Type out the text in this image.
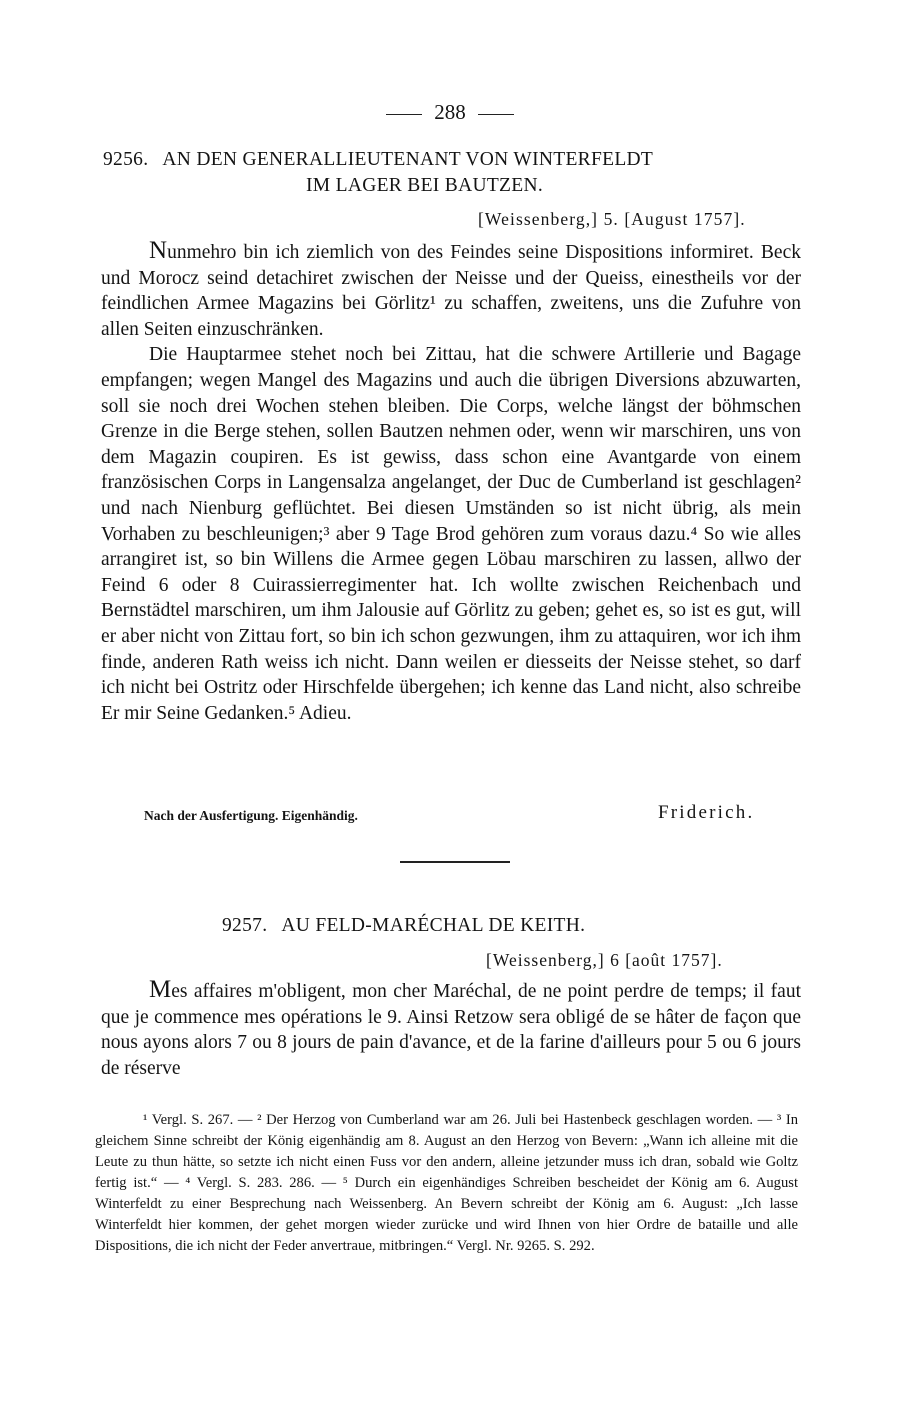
288
9256. AN DEN GENERALLIEUTENANT VON WINTERFELDT
IM LAGER BEI BAUTZEN.
[Weissenberg,] 5. [August 1757].

Nunmehro bin ich ziemlich von des Feindes seine Dispositions informiret. Beck und Morocz seind detachiret zwischen der Neisse und der Queiss, einestheils vor der feindlichen Armee Magazins bei Görlitz¹ zu schaffen, zweitens, uns die Zufuhre von allen Seiten einzuschränken.

Die Hauptarmee stehet noch bei Zittau, hat die schwere Artillerie und Bagage empfangen; wegen Mangel des Magazins und auch die übrigen Diversions abzuwarten, soll sie noch drei Wochen stehen bleiben. Die Corps, welche längst der böhmschen Grenze in die Berge stehen, sollen Bautzen nehmen oder, wenn wir marschiren, uns von dem Magazin coupiren. Es ist gewiss, dass schon eine Avantgarde von einem französischen Corps in Langensalza angelanget, der Duc de Cumberland ist geschlagen² und nach Nienburg geflüchtet. Bei diesen Umständen so ist nicht übrig, als mein Vorhaben zu beschleunigen;³ aber 9 Tage Brod gehören zum voraus dazu.⁴ So wie alles arrangiret ist, so bin Willens die Armee gegen Löbau marschiren zu lassen, allwo der Feind 6 oder 8 Cuirassierregimenter hat. Ich wollte zwischen Reichenbach und Bernstädtel marschiren, um ihm Jalousie auf Görlitz zu geben; gehet es, so ist es gut, will er aber nicht von Zittau fort, so bin ich schon gezwungen, ihm zu attaquiren, wor ich ihm finde, anderen Rath weiss ich nicht. Dann weilen er diesseits der Neisse stehet, so darf ich nicht bei Ostritz oder Hirschfelde übergehen; ich kenne das Land nicht, also schreibe Er mir Seine Gedanken.⁵ Adieu.

Nach der Ausfertigung. Eigenhändig.	Friderich.
9257. AU FELD-MARÉCHAL DE KEITH.
[Weissenberg,] 6 [août 1757].

Mes affaires m'obligent, mon cher Maréchal, de ne point perdre de temps; il faut que je commence mes opérations le 9. Ainsi Retzow sera obligé de se hâter de façon que nous ayons alors 7 ou 8 jours de pain d'avance, et de la farine d'ailleurs pour 5 ou 6 jours de réserve

¹ Vergl. S. 267. — ² Der Herzog von Cumberland war am 26. Juli bei Hastenbeck geschlagen worden. — ³ In gleichem Sinne schreibt der König eigenhändig am 8. August an den Herzog von Bevern: „Wann ich alleine mit die Leute zu thun hätte, so setzte ich nicht einen Fuss vor den andern, alleine jetzunder muss ich dran, sobald wie Goltz fertig ist.“ — ⁴ Vergl. S. 283. 286. — ⁵ Durch ein eigenhändiges Schreiben bescheidet der König am 6. August Winterfeldt zu einer Besprechung nach Weissenberg. An Bevern schreibt der König am 6. August: „Ich lasse Winterfeldt hier kommen, der gehet morgen wieder zurücke und wird Ihnen von hier Ordre de bataille und alle Dispositions, die ich nicht der Feder anvertraue, mitbringen.“ Vergl. Nr. 9265. S. 292.
